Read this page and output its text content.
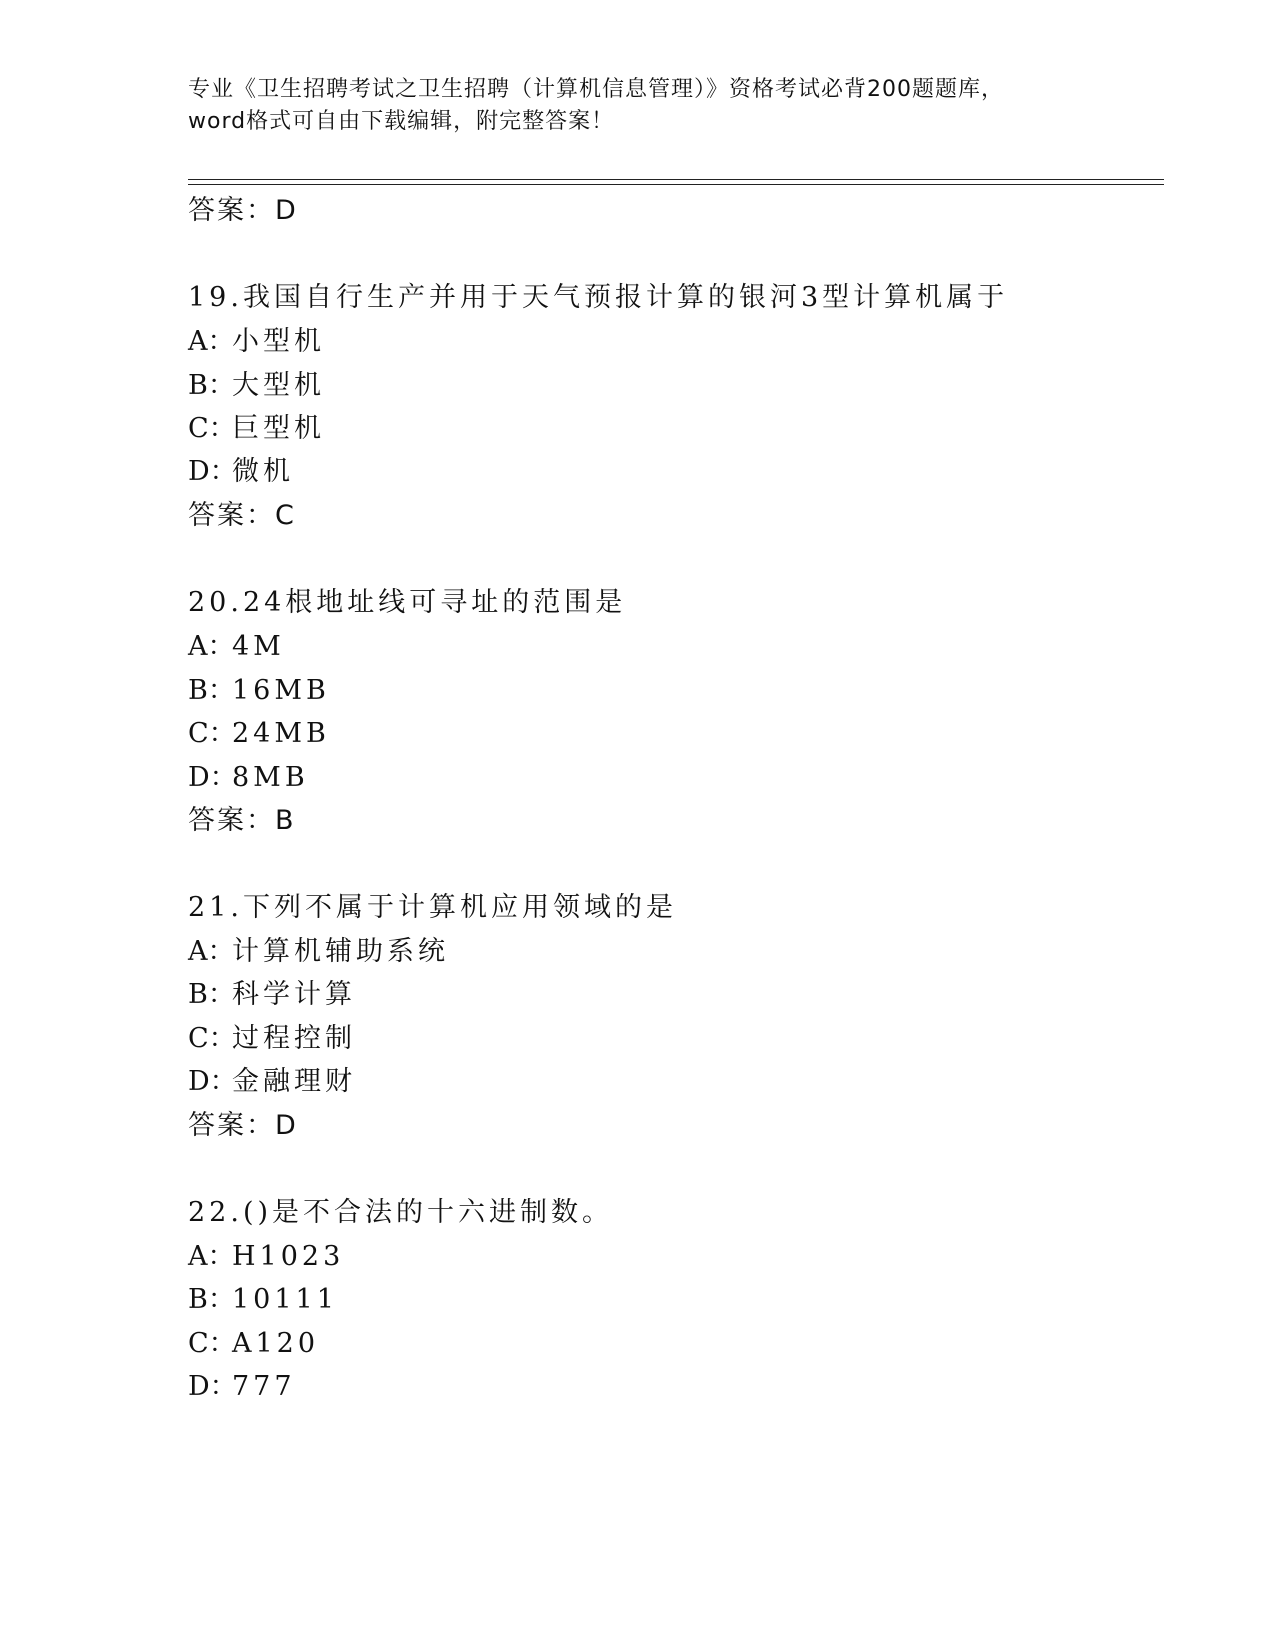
专业《卫生招聘考试之卫生招聘（计算机信息管理）》资格考试必背200题题库，
word格式可自由下载编辑，附完整答案！
答案：D
19.我国自行生产并用于天气预报计算的银河3型计算机属于
A：小型机
B：大型机
C：巨型机
D：微机
答案：C
20.24根地址线可寻址的范围是
A：4M
B：16MB
C：24MB
D：8MB
答案：B
21.下列不属于计算机应用领域的是
A：计算机辅助系统
B：科学计算
C：过程控制
D：金融理财
答案：D
22.()是不合法的十六进制数。
A：H1023
B：10111
C：A120
D：777
